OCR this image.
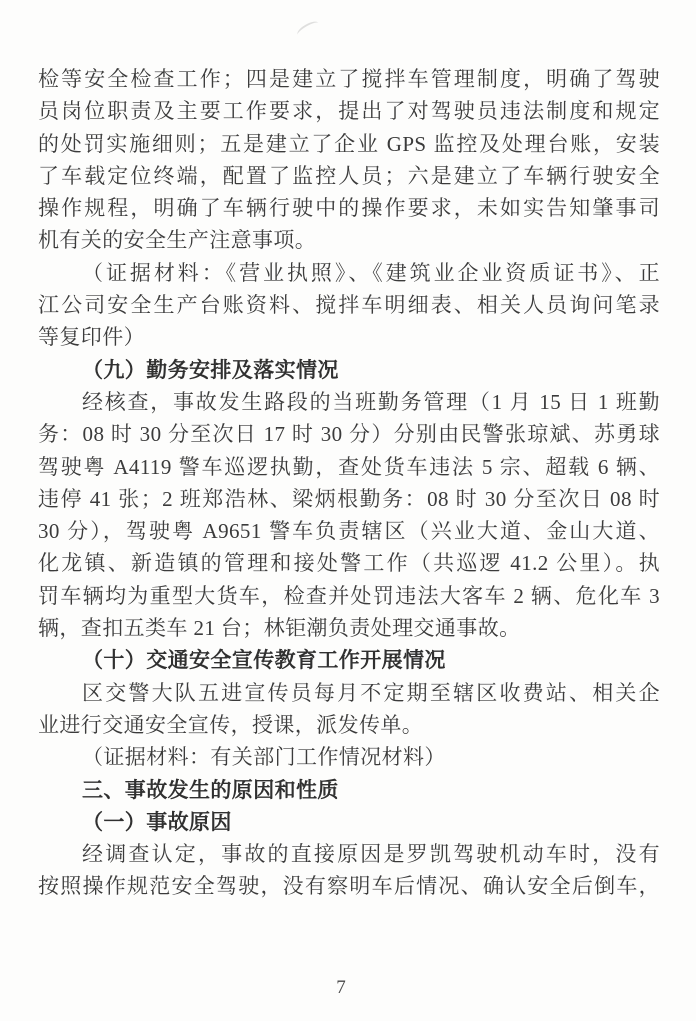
检等安全检查工作；四是建立了搅拌车管理制度，明确了驾驶
员岗位职责及主要工作要求，提出了对驾驶员违法制度和规定
的处罚实施细则；五是建立了企业 GPS 监控及处理台账，安装
了车载定位终端，配置了监控人员；六是建立了车辆行驶安全
操作规程，明确了车辆行驶中的操作要求，未如实告知肇事司
机有关的安全生产注意事项。
（证据材料：《营业执照》、《建筑业企业资质证书》、正
江公司安全生产台账资料、搅拌车明细表、相关人员询问笔录
等复印件）
（九）勤务安排及落实情况
经核查，事故发生路段的当班勤务管理（1 月 15 日 1 班勤
务：08 时 30 分至次日 17 时 30 分）分别由民警张琼斌、苏勇球
驾驶粤 A4119 警车巡逻执勤，查处货车违法 5 宗、超载 6 辆、
违停 41 张；2 班郑浩林、梁炳根勤务：08 时 30 分至次日 08 时
30 分），驾驶粤 A9651 警车负责辖区（兴业大道、金山大道、
化龙镇、新造镇的管理和接处警工作（共巡逻 41.2 公里）。执
罚车辆均为重型大货车，检查并处罚违法大客车 2 辆、危化车 3
辆，查扣五类车 21 台；林钜潮负责处理交通事故。
（十）交通安全宣传教育工作开展情况
区交警大队五进宣传员每月不定期至辖区收费站、相关企
业进行交通安全宣传，授课，派发传单。
（证据材料：有关部门工作情况材料）
三、事故发生的原因和性质
（一）事故原因
经调查认定，事故的直接原因是罗凯驾驶机动车时，没有
按照操作规范安全驾驶，没有察明车后情况、确认安全后倒车，
7
